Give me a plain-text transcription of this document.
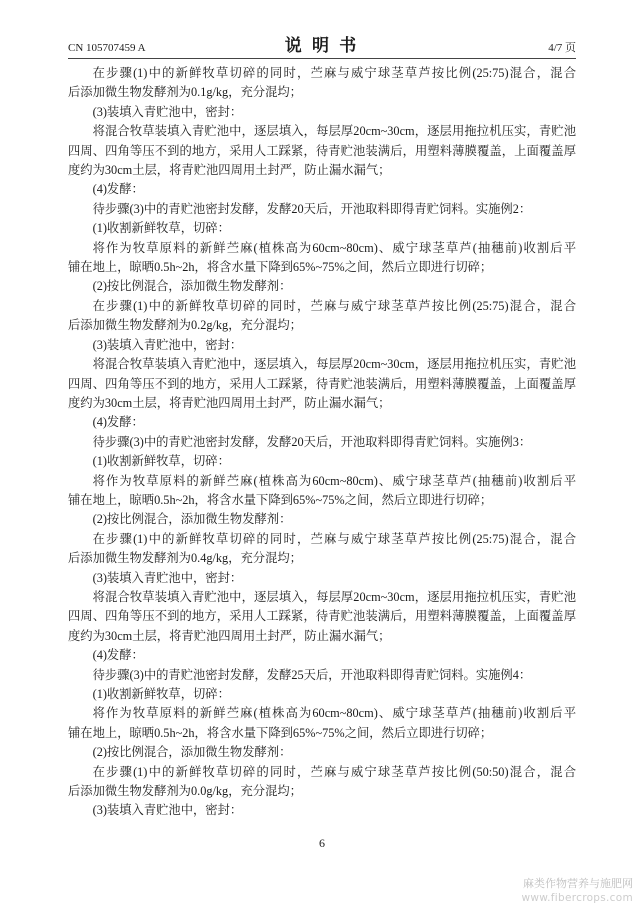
CN 105707459 A	说 明 书	4/7 页
在步骤(1)中的新鲜牧草切碎的同时，苎麻与威宁球茎草芦按比例(25:75)混合，混合
后添加微生物发酵剂为0.1g/kg，充分混均；
(3)装填入青贮池中，密封：
将混合牧草装填入青贮池中，逐层填入，每层厚20cm~30cm，逐层用拖拉机压实，青贮池
四周、四角等压不到的地方，采用人工踩紧，待青贮池装满后，用塑料薄膜覆盖，上面覆盖厚
度约为30cm土层，将青贮池四周用土封严，防止漏水漏气；
(4)发酵：
待步骤(3)中的青贮池密封发酵，发酵20天后，开池取料即得青贮饲料。实施例2：
(1)收割新鲜牧草，切碎：
将作为牧草原料的新鲜苎麻(植株高为60cm~80cm)、威宁球茎草芦(抽穗前)收割后平
铺在地上，晾晒0.5h~2h，将含水量下降到65%~75%之间，然后立即进行切碎；
(2)按比例混合，添加微生物发酵剂：
在步骤(1)中的新鲜牧草切碎的同时，苎麻与威宁球茎草芦按比例(25:75)混合，混合
后添加微生物发酵剂为0.2g/kg，充分混均；
(3)装填入青贮池中，密封：
将混合牧草装填入青贮池中，逐层填入，每层厚20cm~30cm，逐层用拖拉机压实，青贮池
四周、四角等压不到的地方，采用人工踩紧，待青贮池装满后，用塑料薄膜覆盖，上面覆盖厚
度约为30cm土层，将青贮池四周用土封严，防止漏水漏气；
(4)发酵：
待步骤(3)中的青贮池密封发酵，发酵20天后，开池取料即得青贮饲料。实施例3：
(1)收割新鲜牧草，切碎：
将作为牧草原料的新鲜苎麻(植株高为60cm~80cm)、威宁球茎草芦(抽穗前)收割后平
铺在地上，晾晒0.5h~2h，将含水量下降到65%~75%之间，然后立即进行切碎；
(2)按比例混合，添加微生物发酵剂：
在步骤(1)中的新鲜牧草切碎的同时，苎麻与威宁球茎草芦按比例(25:75)混合，混合
后添加微生物发酵剂为0.4g/kg，充分混均；
(3)装填入青贮池中，密封：
将混合牧草装填入青贮池中，逐层填入，每层厚20cm~30cm，逐层用拖拉机压实，青贮池
四周、四角等压不到的地方，采用人工踩紧，待青贮池装满后，用塑料薄膜覆盖，上面覆盖厚
度约为30cm土层，将青贮池四周用土封严，防止漏水漏气；
(4)发酵：
待步骤(3)中的青贮池密封发酵，发酵25天后，开池取料即得青贮饲料。实施例4：
(1)收割新鲜牧草，切碎：
将作为牧草原料的新鲜苎麻(植株高为60cm~80cm)、威宁球茎草芦(抽穗前)收割后平
铺在地上，晾晒0.5h~2h，将含水量下降到65%~75%之间，然后立即进行切碎；
(2)按比例混合，添加微生物发酵剂：
在步骤(1)中的新鲜牧草切碎的同时，苎麻与威宁球茎草芦按比例(50:50)混合，混合
后添加微生物发酵剂为0.0g/kg，充分混均；
(3)装填入青贮池中，密封：
6
麻类作物营养与施肥网
www.fibercrops.com
